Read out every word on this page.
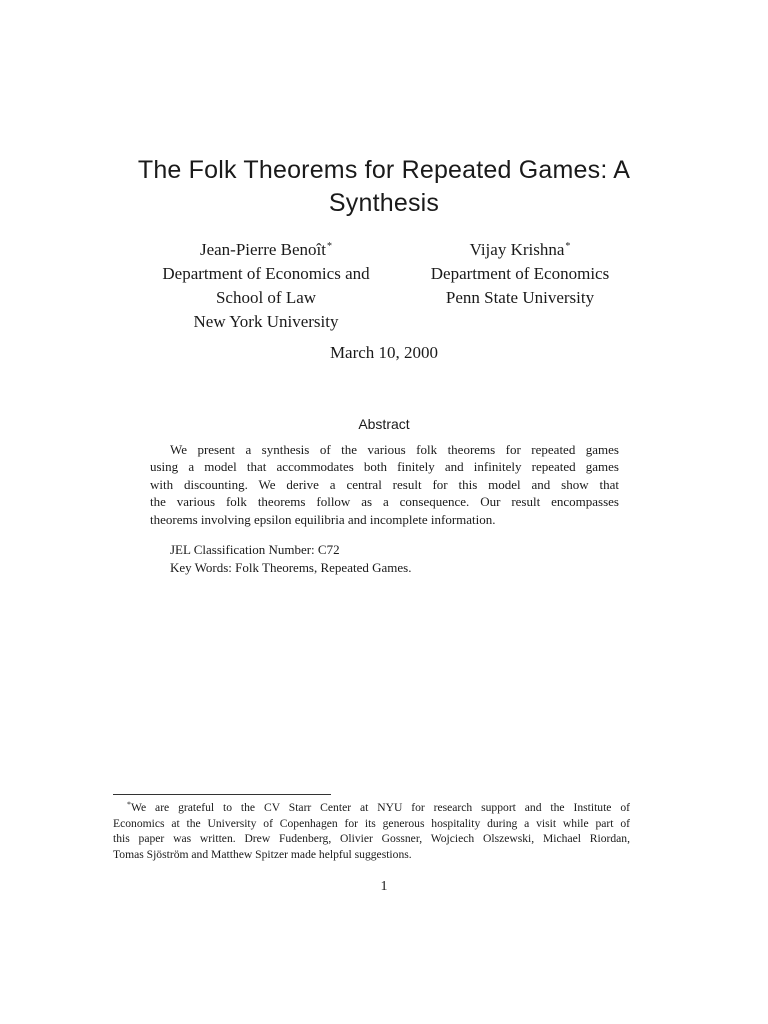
The Folk Theorems for Repeated Games: A
Synthesis
Jean-Pierre Benoît*
Department of Economics and
School of Law
New York University
Vijay Krishna*
Department of Economics
Penn State University
March 10, 2000
Abstract
We present a synthesis of the various folk theorems for repeated games
using a model that accommodates both finitely and infinitely repeated games
with discounting. We derive a central result for this model and show that
the various folk theorems follow as a consequence. Our result encompasses
theorems involving epsilon equilibria and incomplete information.
JEL Classification Number: C72
Key Words: Folk Theorems, Repeated Games.
*We are grateful to the CV Starr Center at NYU for research support and the Institute of
Economics at the University of Copenhagen for its generous hospitality during a visit while part of
this paper was written. Drew Fudenberg, Olivier Gossner, Wojciech Olszewski, Michael Riordan,
Tomas Sjöström and Matthew Spitzer made helpful suggestions.
1
